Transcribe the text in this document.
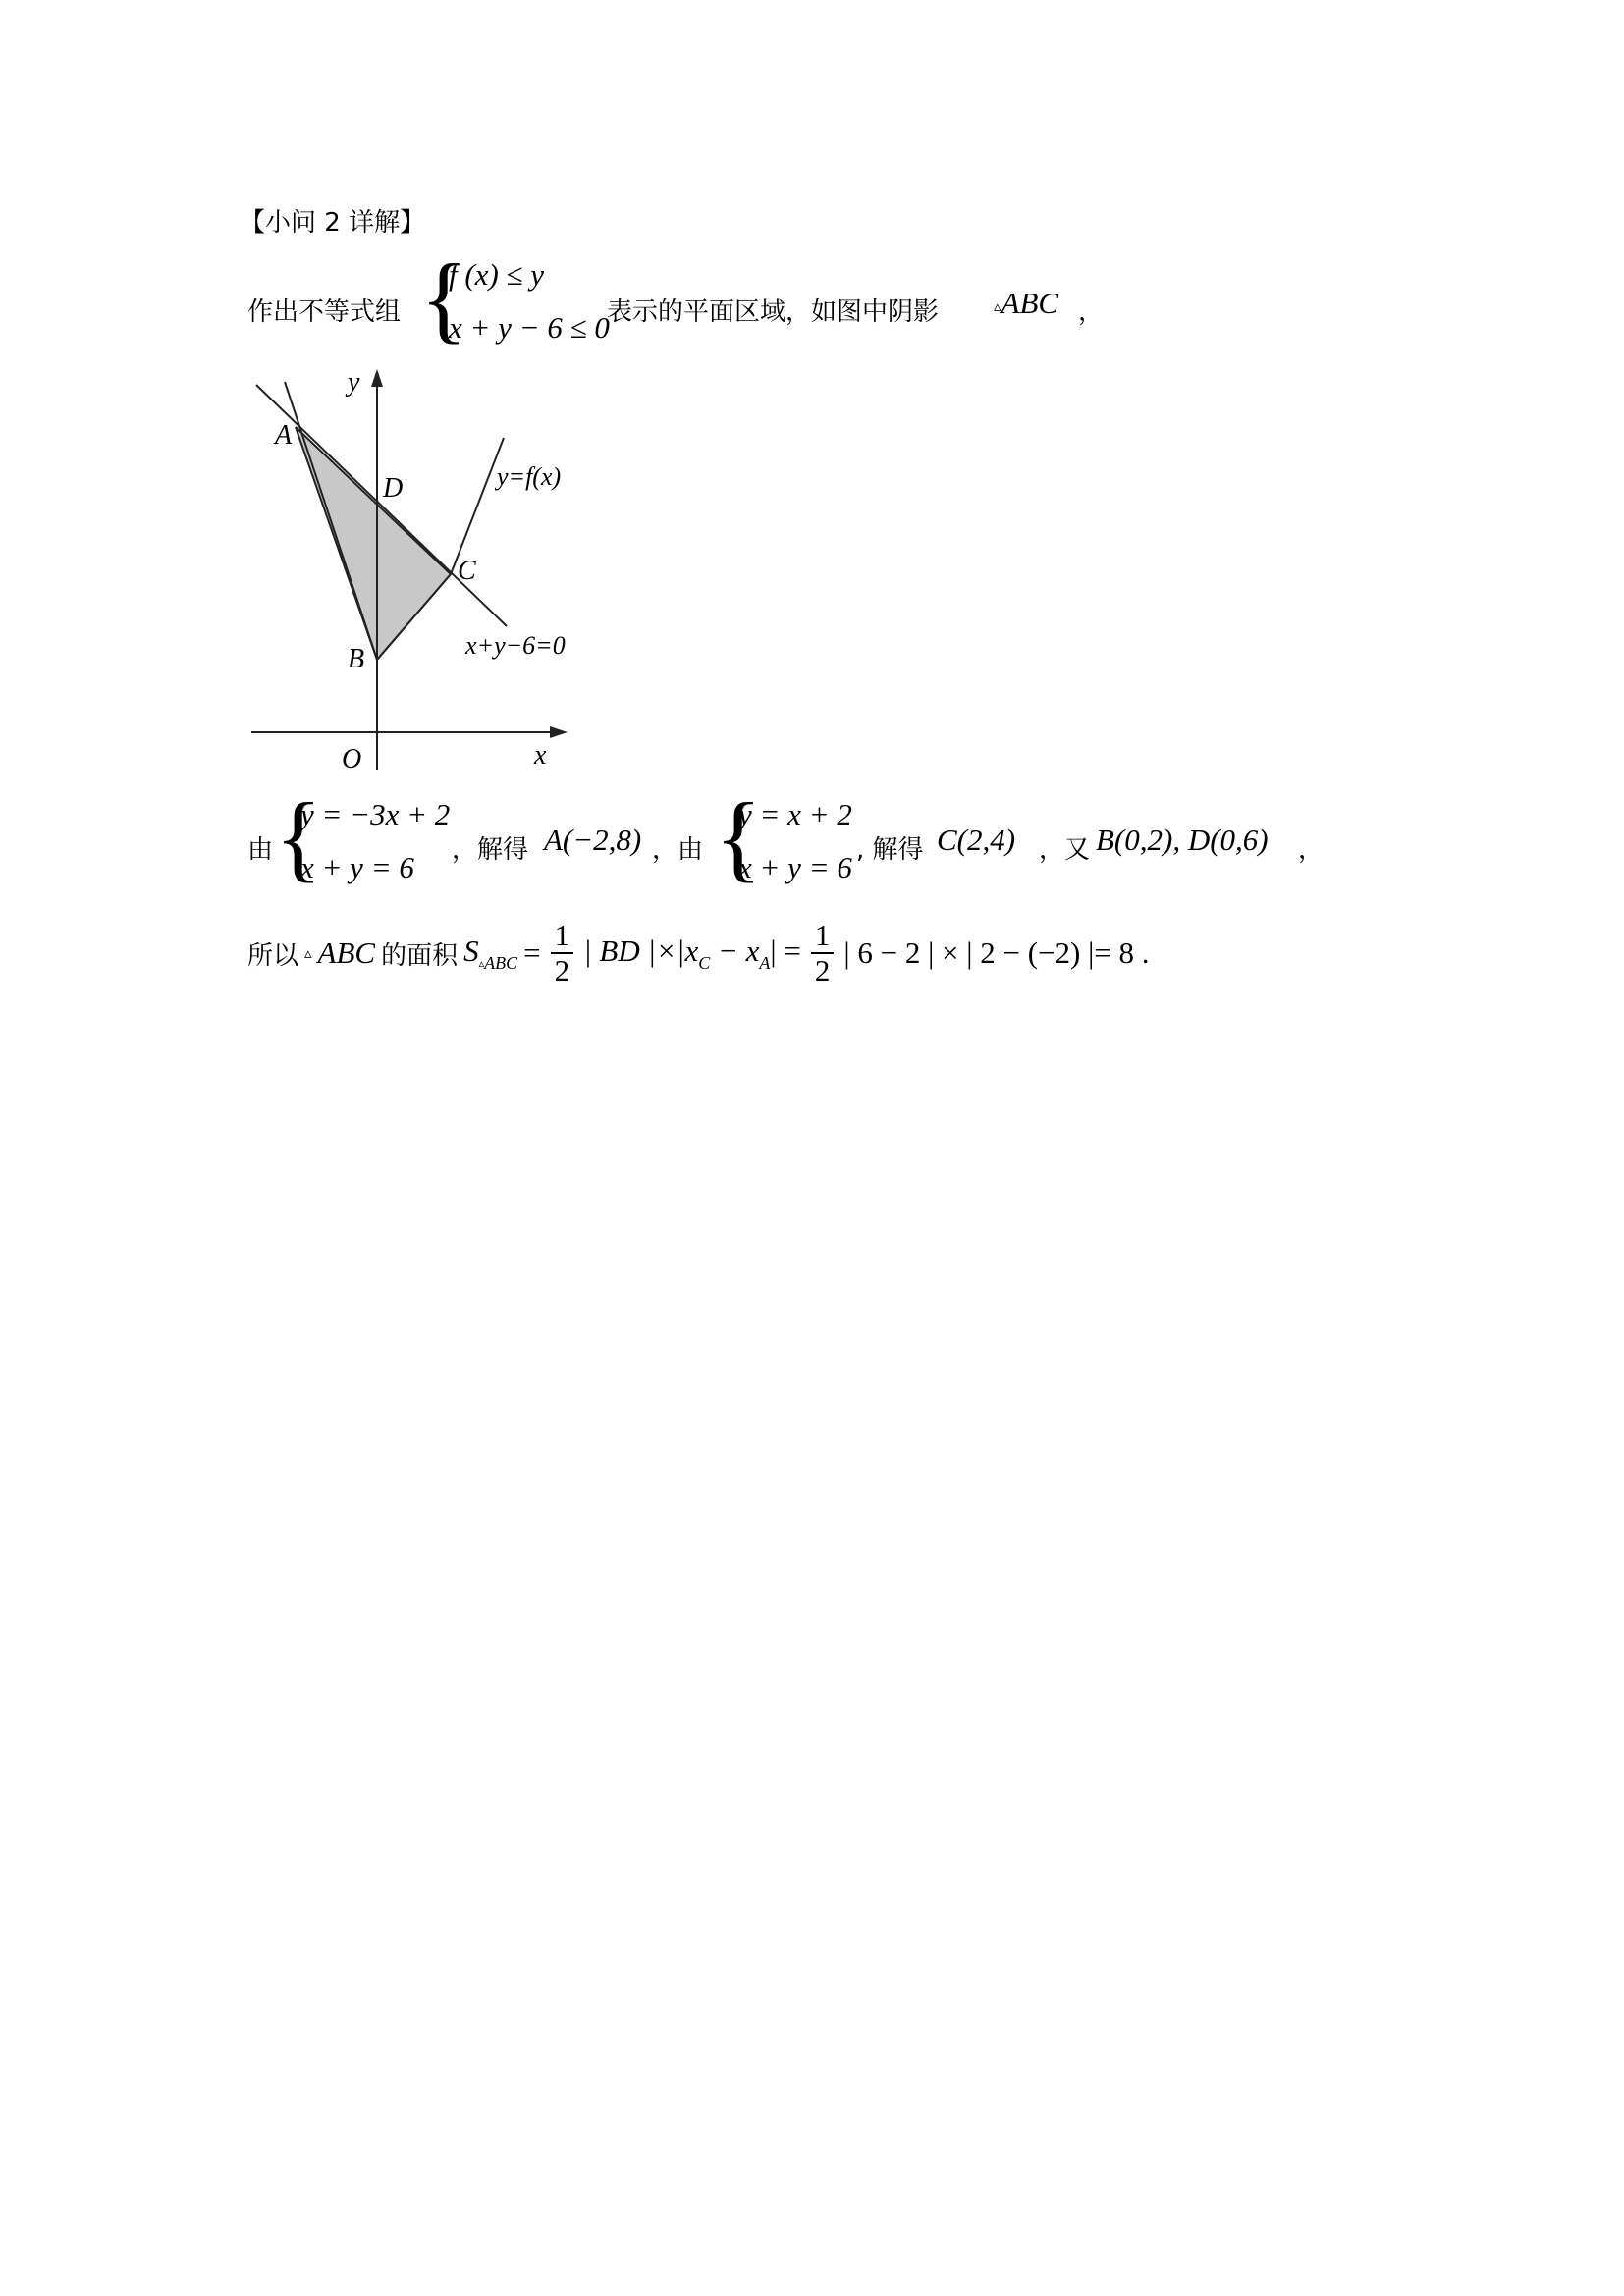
【小问 2 详解】
作出不等式组 {
f (x) ≤ y
x + y − 6 ≤ 0
表示的平面区域，如图中阴影	▵ABC ，
y
x
O
A
B
C
D	y=f(x)
x+y−6=0
由 {
y = −3x + 2
x + y = 6 ，解得 A(−2,8) ，由 {
y = x + 2
x + y = 6 , 解得 C(2,4) ，又 B(0,2), D(0,6) ，
所以 ▵ ABC 的面积 $S_{▵ABC} = \frac{1}{2}$ | BD $|\times|x_C - x_A| = \frac{1}{2}$ | 6 − 2 | × | 2 − (−2) |= 8 .
